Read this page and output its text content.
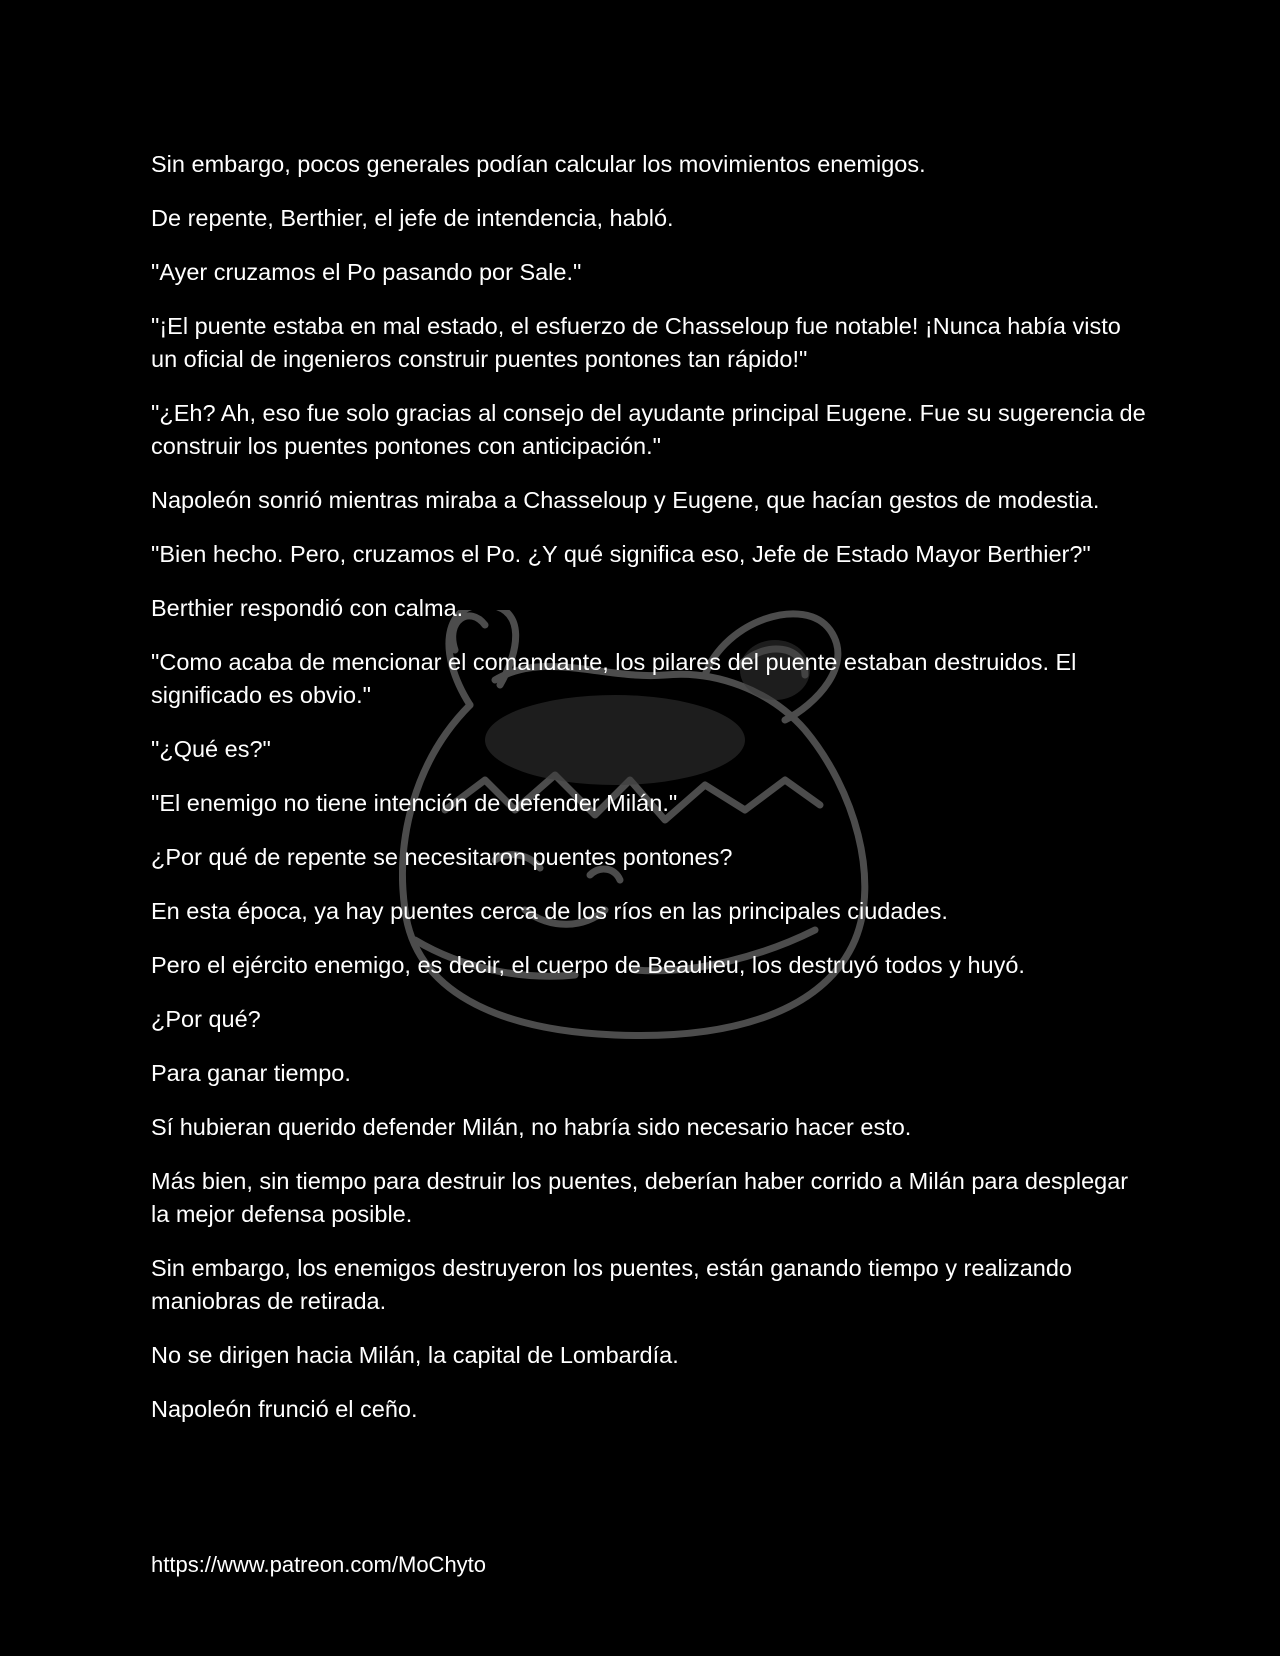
Sin embargo, pocos generales podían calcular los movimientos enemigos.

De repente, Berthier, el jefe de intendencia, habló.

"Ayer cruzamos el Po pasando por Sale."

"¡El puente estaba en mal estado, el esfuerzo de Chasseloup fue notable! ¡Nunca había visto un oficial de ingenieros construir puentes pontones tan rápido!"

"¿Eh? Ah, eso fue solo gracias al consejo del ayudante principal Eugene. Fue su sugerencia de construir los puentes pontones con anticipación."

Napoleón sonrió mientras miraba a Chasseloup y Eugene, que hacían gestos de modestia.

"Bien hecho. Pero, cruzamos el Po. ¿Y qué significa eso, Jefe de Estado Mayor Berthier?"

Berthier respondió con calma.

"Como acaba de mencionar el comandante, los pilares del puente estaban destruidos. El significado es obvio."

"¿Qué es?"

"El enemigo no tiene intención de defender Milán."

¿Por qué de repente se necesitaron puentes pontones?

En esta época, ya hay puentes cerca de los ríos en las principales ciudades.

Pero el ejército enemigo, es decir, el cuerpo de Beaulieu, los destruyó todos y huyó.

¿Por qué?

Para ganar tiempo.

Sí hubieran querido defender Milán, no habría sido necesario hacer esto.

Más bien, sin tiempo para destruir los puentes, deberían haber corrido a Milán para desplegar la mejor defensa posible.

Sin embargo, los enemigos destruyeron los puentes, están ganando tiempo y realizando maniobras de retirada.

No se dirigen hacia Milán, la capital de Lombardía.

Napoleón frunció el ceño.

https://www.patreon.com/MoChyto
